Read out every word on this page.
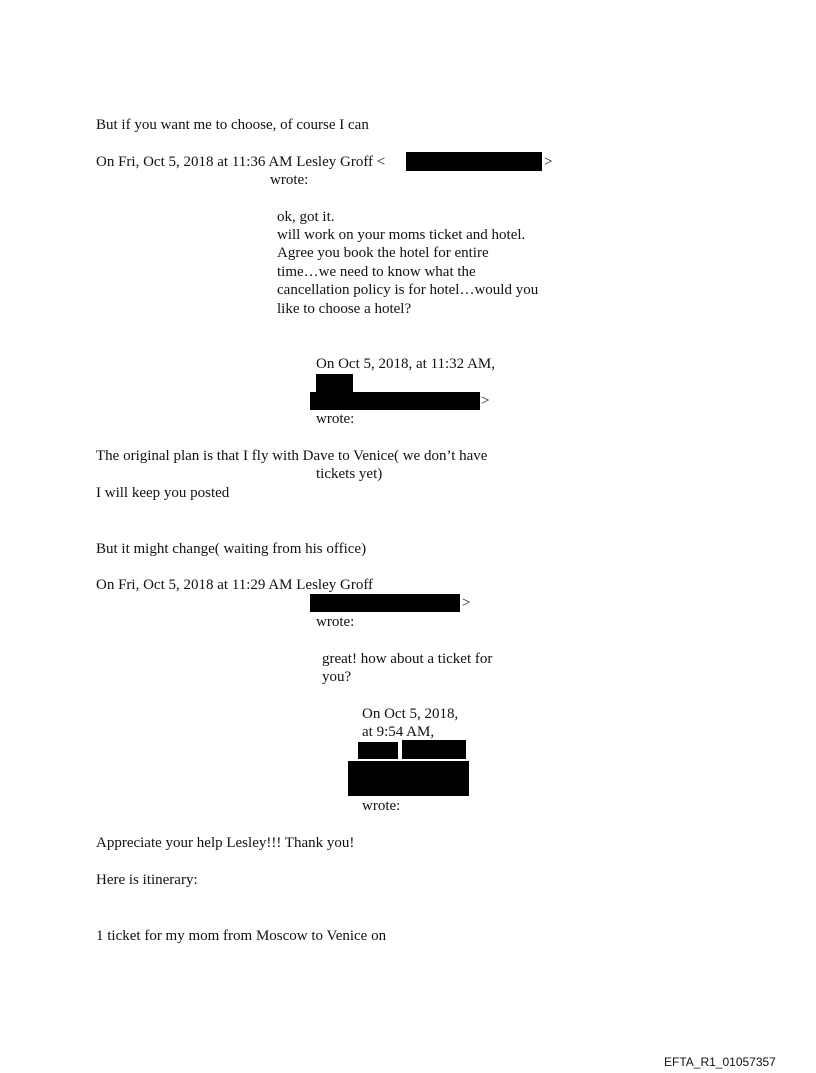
But if you want me to choose, of course I can
On Fri, Oct 5, 2018 at 11:36 AM Lesley Groff <	>
wrote:
ok, got it.
will work on your moms ticket and hotel.
Agree you book the hotel for entire
time…we need to know what the
cancellation policy is for hotel…would you
like to choose a hotel?
On Oct 5, 2018, at 11:32 AM,
>
wrote:
The original plan is that I fly with Dave to Venice( we don’t have
tickets yet)
I will keep you posted
But it might change( waiting from his office)
On Fri, Oct 5, 2018 at 11:29 AM Lesley Groff
>
wrote:
great! how about a ticket for
you?
On Oct 5, 2018,
at 9:54 AM,
wrote:
Appreciate your help Lesley!!! Thank you!
Here is itinerary:
1 ticket for my mom from Moscow to Venice on
EFTA_R1_01057357
